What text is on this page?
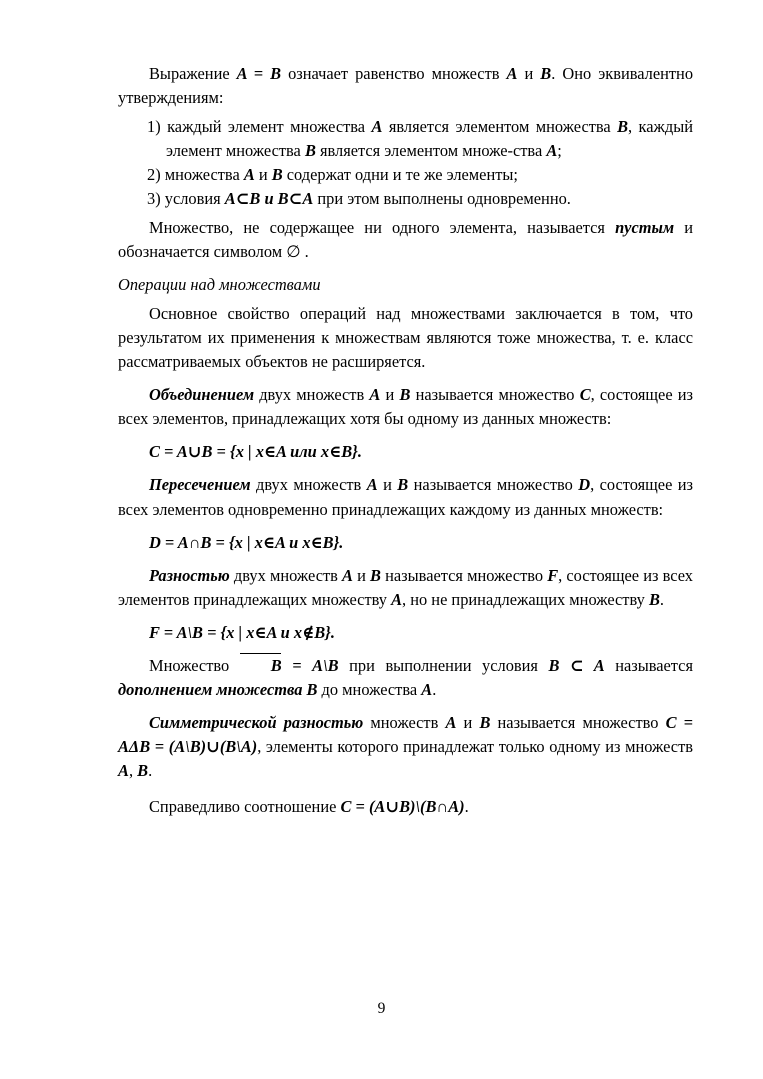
Выражение A = B означает равенство множеств A и B. Оно эквивалентно утверждениям:

1) каждый элемент множества A является элементом множества B, каждый элемент множества B является элементом множе-ства A;
2) множества A и B содержат одни и те же элементы;
3) условия A⊂B и B⊂A при этом выполнены одновременно.

Множество, не содержащее ни одного элемента, называется пустым и обозначается символом ∅ .

Операции над множествами

Основное свойство операций над множествами заключается в том, что результатом их применения к множествам являются тоже множества, т. е. класс рассматриваемых объектов не расширяется.

Объединением двух множеств A и B называется множество C, состоящее из всех элементов, принадлежащих хотя бы одному из данных множеств:

C = A∪B = {x | x∈A или x∈B}.

Пересечением двух множеств A и B называется множество D, состоящее из всех элементов одновременно принадлежащих каждому из данных множеств:

D = A∩B = {x | x∈A и x∈B}.

Разностью двух множеств A и B называется множество F, состоящее из всех элементов принадлежащих множеству A, но не принадлежащих множеству B.

F = A\B = {x | x∈A и x∉B}.

Множество B = A\B при выполнении условия B ⊂ A называется дополнением множества B до множества A.

Симметрической разностью множеств A и B называется множество C = AΔB = (A\B)∪(B\A), элементы которого принадлежат только одному из множеств A, B.

Справедливо соотношение C = (A∪B)\(B∩A).

9
